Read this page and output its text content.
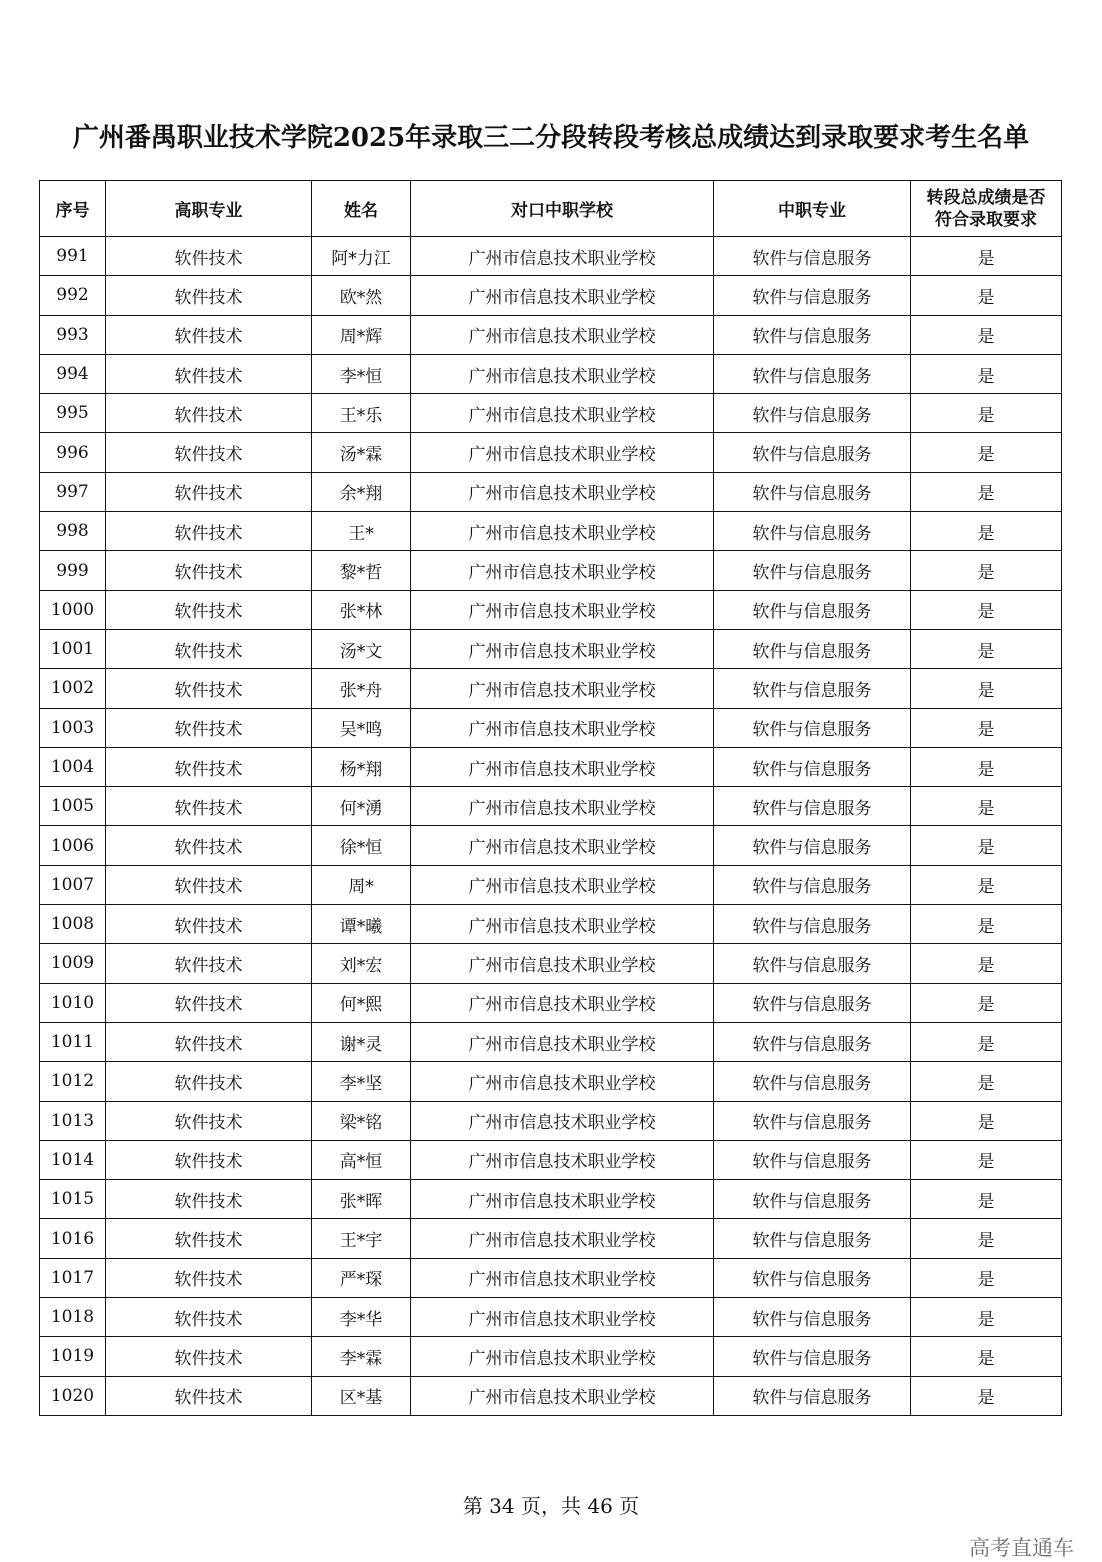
广州番禺职业技术学院2025年录取三二分段转段考核总成绩达到录取要求考生名单
序号	高职专业	姓名	对口中职学校	中职专业	转段总成绩是否符合录取要求
991	软件技术	阿*力江	广州市信息技术职业学校	软件与信息服务	是
992	软件技术	欧*然	广州市信息技术职业学校	软件与信息服务	是
993	软件技术	周*辉	广州市信息技术职业学校	软件与信息服务	是
994	软件技术	李*恒	广州市信息技术职业学校	软件与信息服务	是
995	软件技术	王*乐	广州市信息技术职业学校	软件与信息服务	是
996	软件技术	汤*霖	广州市信息技术职业学校	软件与信息服务	是
997	软件技术	余*翔	广州市信息技术职业学校	软件与信息服务	是
998	软件技术	王*	广州市信息技术职业学校	软件与信息服务	是
999	软件技术	黎*哲	广州市信息技术职业学校	软件与信息服务	是
1000	软件技术	张*林	广州市信息技术职业学校	软件与信息服务	是
1001	软件技术	汤*文	广州市信息技术职业学校	软件与信息服务	是
1002	软件技术	张*舟	广州市信息技术职业学校	软件与信息服务	是
1003	软件技术	吴*鸣	广州市信息技术职业学校	软件与信息服务	是
1004	软件技术	杨*翔	广州市信息技术职业学校	软件与信息服务	是
1005	软件技术	何*湧	广州市信息技术职业学校	软件与信息服务	是
1006	软件技术	徐*恒	广州市信息技术职业学校	软件与信息服务	是
1007	软件技术	周*	广州市信息技术职业学校	软件与信息服务	是
1008	软件技术	谭*曦	广州市信息技术职业学校	软件与信息服务	是
1009	软件技术	刘*宏	广州市信息技术职业学校	软件与信息服务	是
1010	软件技术	何*熙	广州市信息技术职业学校	软件与信息服务	是
1011	软件技术	谢*灵	广州市信息技术职业学校	软件与信息服务	是
1012	软件技术	李*坚	广州市信息技术职业学校	软件与信息服务	是
1013	软件技术	梁*铭	广州市信息技术职业学校	软件与信息服务	是
1014	软件技术	高*恒	广州市信息技术职业学校	软件与信息服务	是
1015	软件技术	张*晖	广州市信息技术职业学校	软件与信息服务	是
1016	软件技术	王*宇	广州市信息技术职业学校	软件与信息服务	是
1017	软件技术	严*琛	广州市信息技术职业学校	软件与信息服务	是
1018	软件技术	李*华	广州市信息技术职业学校	软件与信息服务	是
1019	软件技术	李*霖	广州市信息技术职业学校	软件与信息服务	是
1020	软件技术	区*基	广州市信息技术职业学校	软件与信息服务	是
第 34 页，共 46 页
高考直通车
